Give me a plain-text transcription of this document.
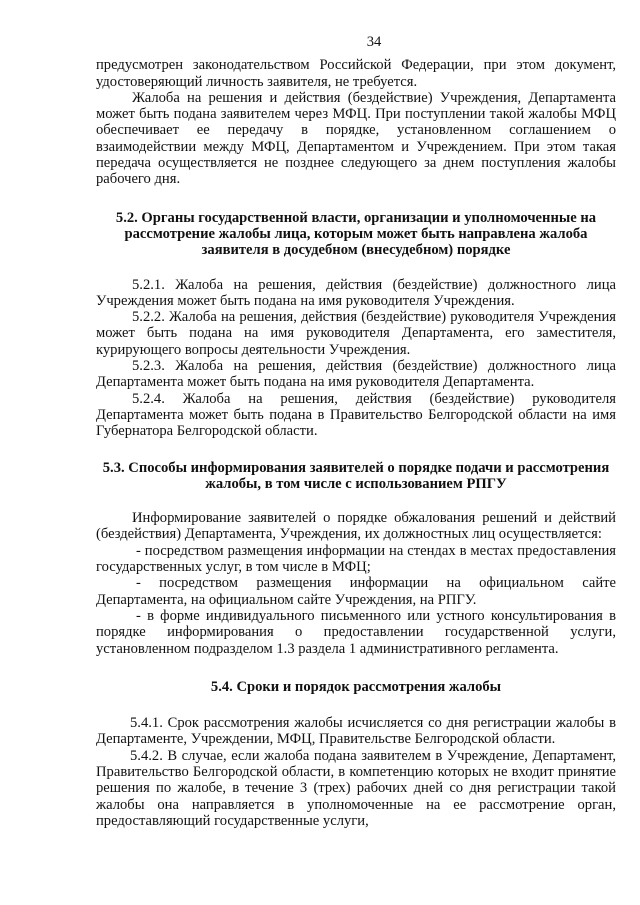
34

предусмотрен законодательством Российской Федерации, при этом документ, удостоверяющий личность заявителя, не требуется.

Жалоба на решения и действия (бездействие) Учреждения, Департамента может быть подана заявителем через МФЦ. При поступлении такой жалобы МФЦ обеспечивает ее передачу в порядке, установленном соглашением о взаимодействии между МФЦ, Департаментом и Учреждением. При этом такая передача осуществляется не позднее следующего за днем поступления жалобы рабочего дня.

5.2. Органы государственной власти, организации и уполномоченные на рассмотрение жалобы лица, которым может быть направлена жалоба заявителя в досудебном (внесудебном) порядке

5.2.1. Жалоба на решения, действия (бездействие) должностного лица Учреждения может быть подана на имя руководителя Учреждения.

5.2.2. Жалоба на решения, действия (бездействие) руководителя Учреждения может быть подана на имя руководителя Департамента, его заместителя, курирующего вопросы деятельности Учреждения.

5.2.3. Жалоба на решения, действия (бездействие) должностного лица Департамента может быть подана на имя руководителя Департамента.

5.2.4. Жалоба на решения, действия (бездействие) руководителя Департамента может быть подана в Правительство Белгородской области на имя Губернатора Белгородской области.

5.3. Способы информирования заявителей о порядке подачи и рассмотрения жалобы, в том числе с использованием РПГУ

Информирование заявителей о порядке обжалования решений и действий (бездействия) Департамента, Учреждения, их должностных лиц осуществляется:

- посредством размещения информации на стендах в местах предоставления государственных услуг, в том числе в МФЦ;

- посредством размещения информации на официальном сайте Департамента, на официальном сайте Учреждения, на РПГУ.

- в форме индивидуального письменного или устного консультирования в порядке информирования о предоставлении государственной услуги, установленном подразделом 1.3 раздела 1 административного регламента.

5.4. Сроки и порядок рассмотрения жалобы

5.4.1. Срок рассмотрения жалобы исчисляется со дня регистрации жалобы в Департаменте, Учреждении, МФЦ, Правительстве Белгородской области.

5.4.2. В случае, если жалоба подана заявителем в Учреждение, Департамент, Правительство Белгородской области, в компетенцию которых не входит принятие решения по жалобе, в течение 3 (трех) рабочих дней со дня регистрации такой жалобы она направляется в уполномоченные на ее рассмотрение орган, предоставляющий государственные услуги,
